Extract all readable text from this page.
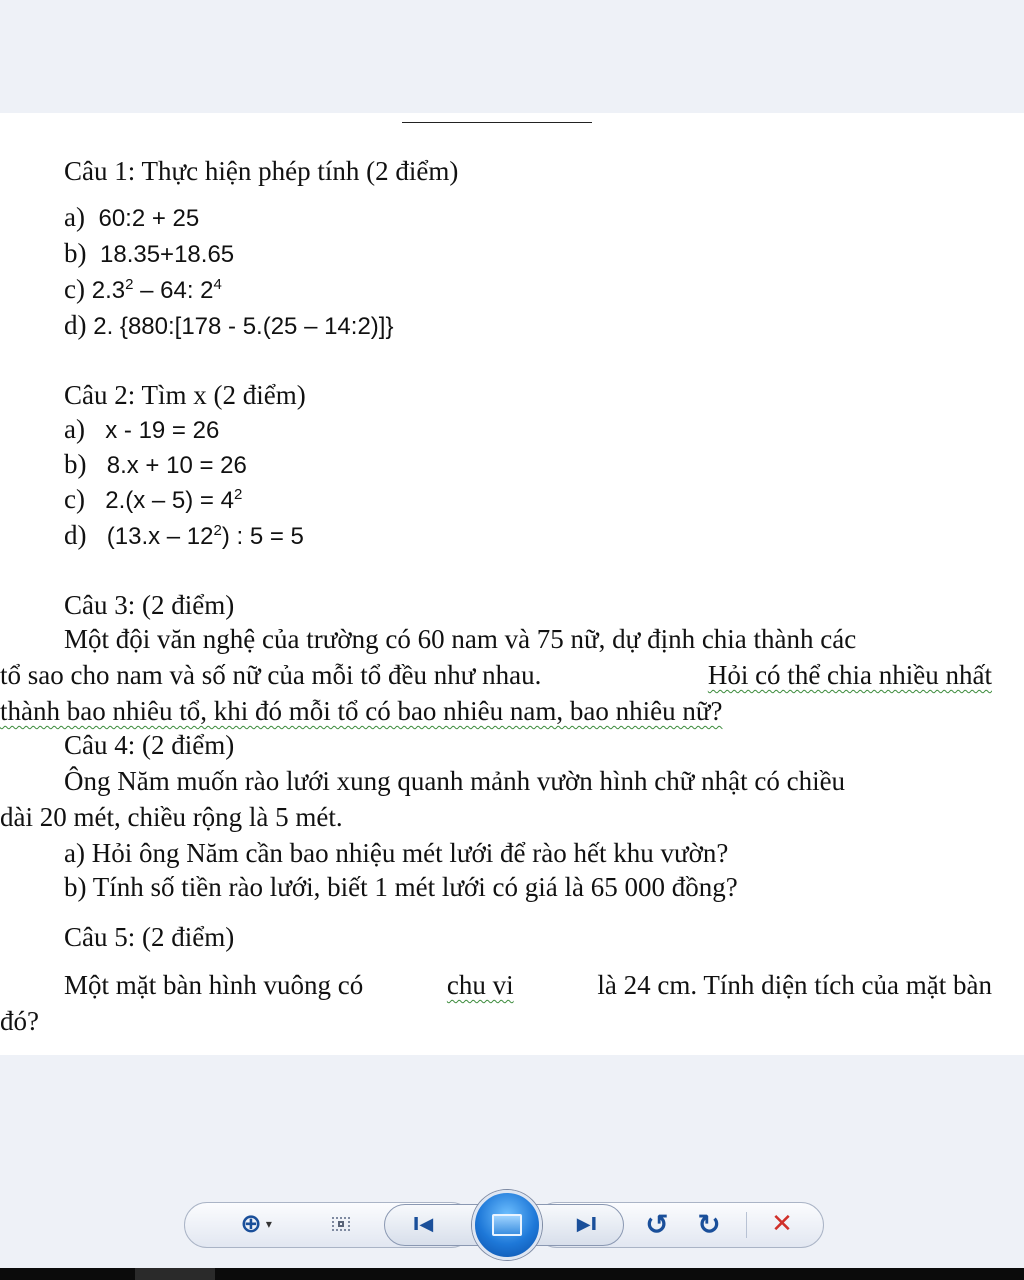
Câu 1: Thực hiện phép tính (2 điểm)
a) 60:2 + 25
b) 18.35+18.65
c) $2.3^2 - 64$: $2^4$
d) 2. {880:[178 - 5.(25 – 14:2)]}
Câu 2: Tìm x (2 điểm)
a) x - 19 = 26
b) 8.x + 10 = 26
c) $2.(x - 5) = 4^2$
d) $(13.x - 12^2)$ : 5 = 5
Câu 3: (2 điểm)
Một đội văn nghệ của trường có 60 nam và 75 nữ, dự định chia thành các
tổ sao cho nam và số nữ của mỗi tổ đều như nhau.	Hỏi có thể chia nhiều nhất
thành bao nhiêu tổ, khi đó mỗi tổ có bao nhiêu nam, bao nhiêu nữ?
Câu 4: (2 điểm)
Ông Năm muốn rào lưới xung quanh mảnh vườn hình chữ nhật có chiều
dài 20 mét, chiều rộng là 5 mét.
a) Hỏi ông Năm cần bao nhiệu mét lưới để rào hết khu vườn?
b) Tính số tiền rào lưới, biết 1 mét lưới có giá là 65 000 đồng?
Câu 5: (2 điểm)
Một mặt bàn hình vuông có	chu vi	là 24 cm. Tính diện tích của mặt bàn
đó?
⊕ ▾	I◀	▶I ↺ ↻ ✕
